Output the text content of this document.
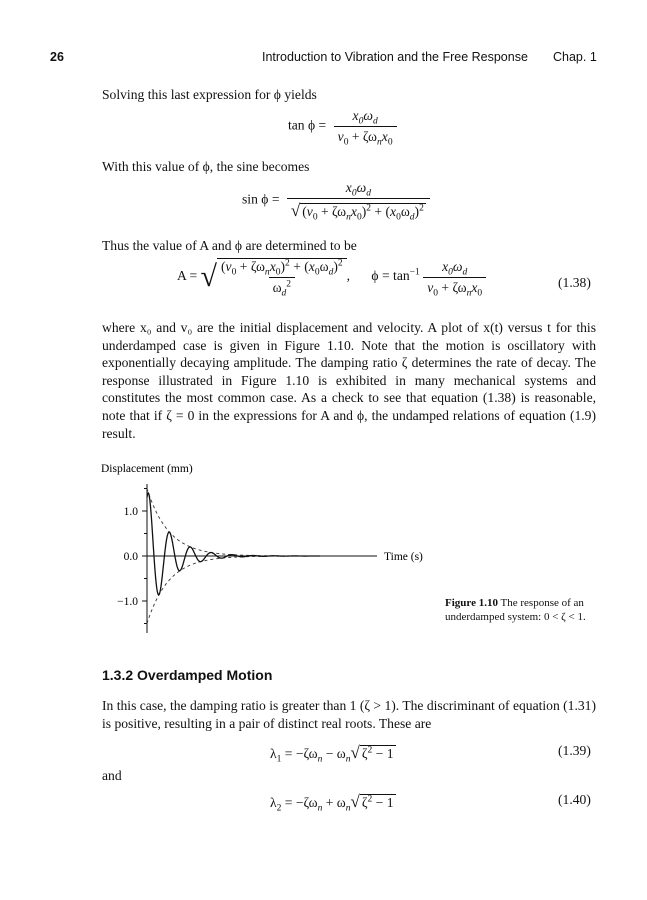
26	Introduction to Vibration and the Free Response Chap. 1
Solving this last expression for ϕ yields
$\tan \phi = \frac{x_0\omega_d}{v_0 + \zeta\omega_nx_0}$
With this value of ϕ, the sine becomes
$\sin \phi = \frac{x_0\omega_d}{√ (v_0 + \zeta\omega_nx_0)^2 + (x_0\omega_d)^2}$
Thus the value of A and ϕ are determined to be
A = √ $\frac{(v_0 + \zeta\omega_nx_0)^2 + (x_0\omega_d)^2}{\omega_d^2}$ , $\phi = \tan^{-1} \frac{x_0\omega_d}{v_0 + \zeta\omega_nx_0}$	(1.38)
where x₀ and v₀ are the initial displacement and velocity. A plot of x(t) versus t for this underdamped case is given in Figure 1.10. Note that the motion is oscillatory with exponentially decaying amplitude. The damping ratio ζ determines the rate of decay. The response illustrated in Figure 1.10 is exhibited in many mechanical systems and constitutes the most common case. As a check to see that equation (1.38) is reasonable, note that if ζ = 0 in the expressions for A and ϕ, the undamped relations of equation (1.9) result.
Displacement (mm)
1.0
0.0
−1.0
Time (s)
Figure 1.10 The response of an underdamped system: 0 < ζ < 1.
1.3.2 Overdamped Motion
In this case, the damping ratio is greater than 1 (ζ > 1). The discriminant of equation (1.31) is positive, resulting in a pair of distinct real roots. These are
$\lambda_1 = -\zeta\omega_n - \omega_n√$ $\zeta^2 - 1$	(1.39)
and
$\lambda_2 = -\zeta\omega_n + \omega_n√$ $\zeta^2 - 1$	(1.40)
